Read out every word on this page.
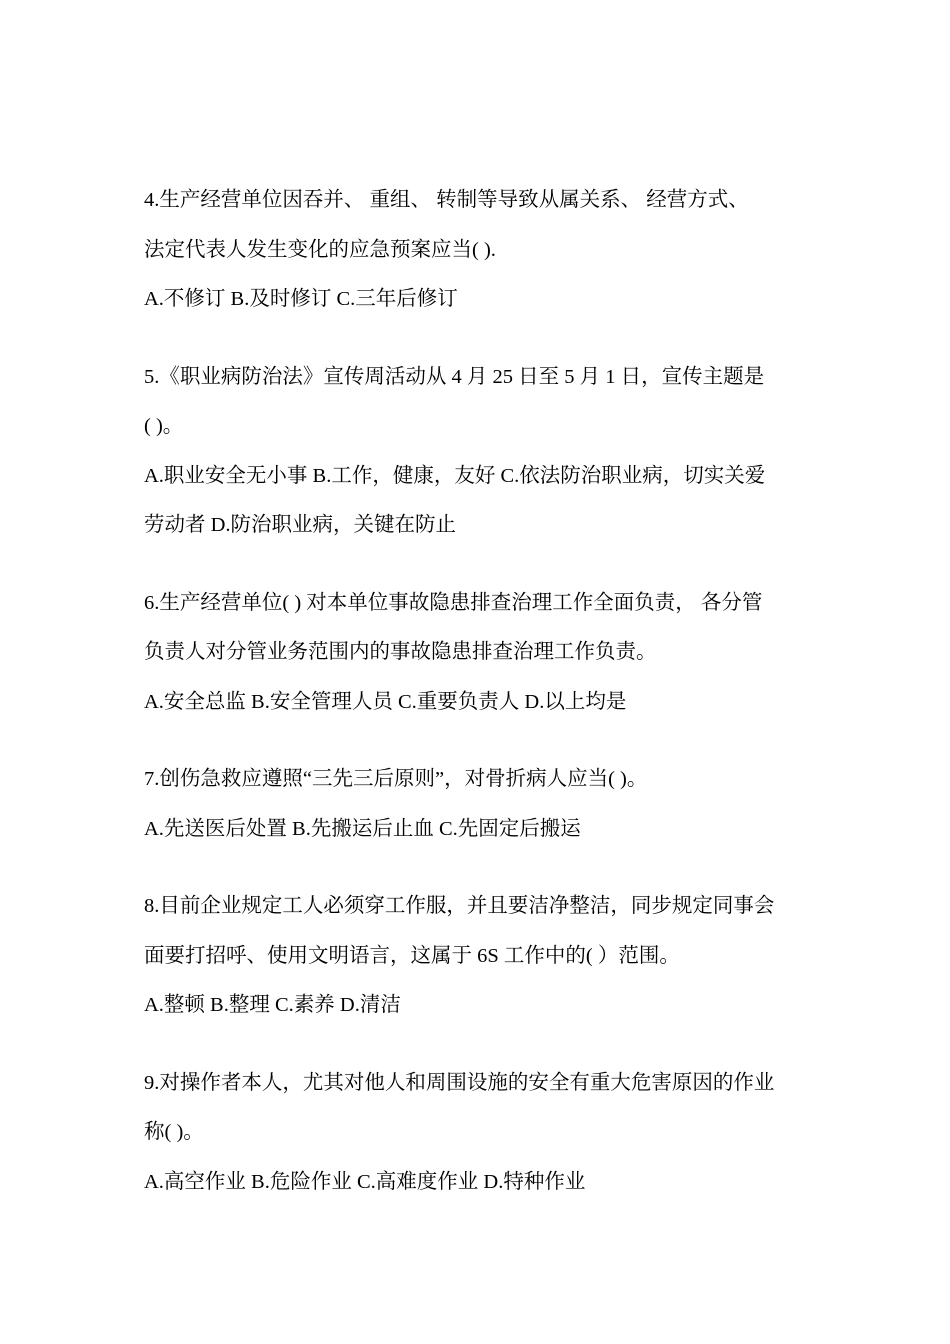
4.生产经营单位因吞并、 重组、 转制等导致从属关系、 经营方式、
法定代表人发生变化的应急预案应当( ).
A.不修订 B.及时修订 C.三年后修订
5.《职业病防治法》宣传周活动从 4 月 25 日至 5 月 1 日，宣传主题是
( )。
A.职业安全无小事 B.工作，健康，友好 C.依法防治职业病，切实关爱
劳动者 D.防治职业病，关键在防止
6.生产经营单位( ) 对本单位事故隐患排查治理工作全面负责， 各分管
负责人对分管业务范围内的事故隐患排查治理工作负责。
A.安全总监 B.安全管理人员 C.重要负责人 D.以上均是
7.创伤急救应遵照“三先三后原则”，对骨折病人应当( )。
A.先送医后处置 B.先搬运后止血 C.先固定后搬运
8.目前企业规定工人必须穿工作服，并且要洁净整洁，同步规定同事会
面要打招呼、使用文明语言，这属于 6S 工作中的( ）范围。
A.整顿 B.整理 C.素养 D.清洁
9.对操作者本人，尤其对他人和周围设施的安全有重大危害原因的作业
称( )。
A.高空作业 B.危险作业 C.高难度作业 D.特种作业
